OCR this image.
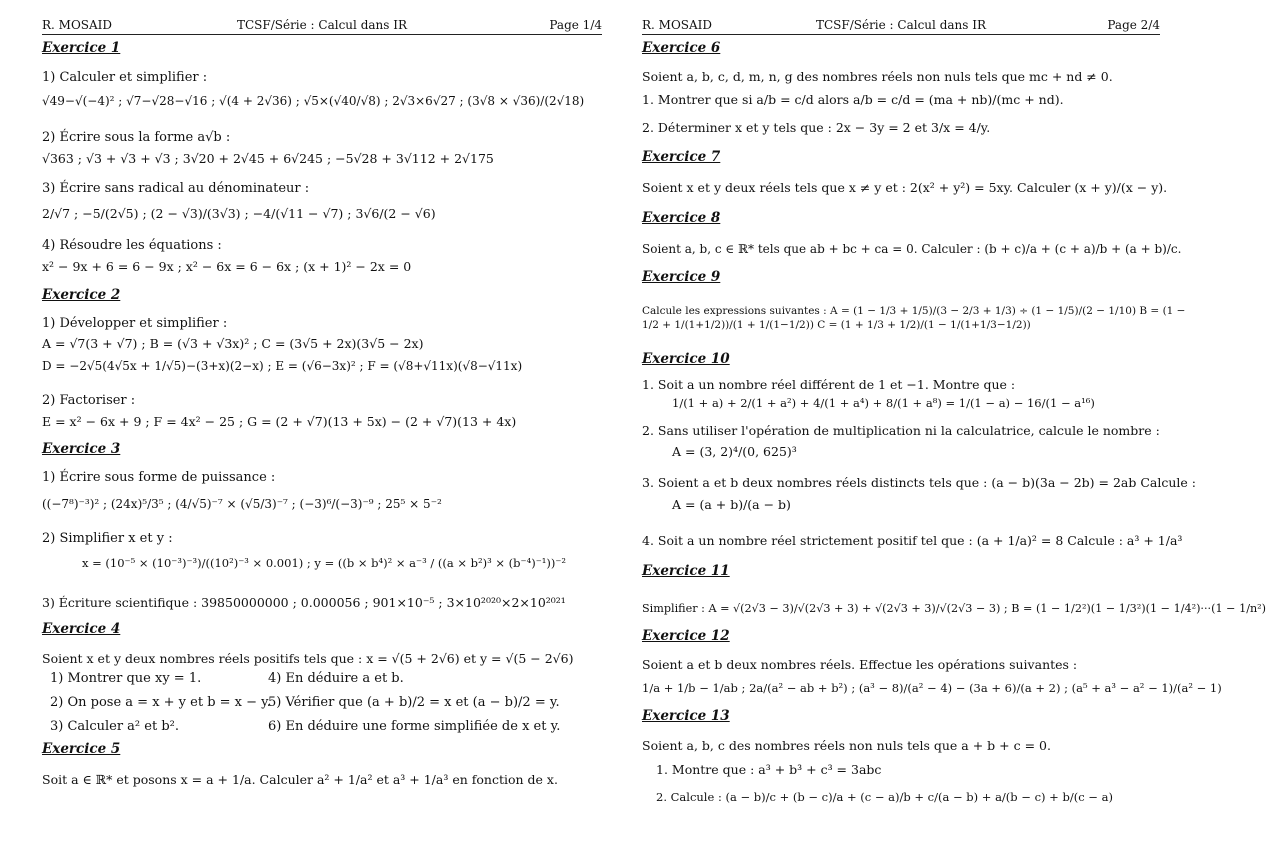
R. MOSAID	TCSF/Série : Calcul dans IR	Page 1/4
Exercice 1
1) Calculer et simplifier :
√49−√(−4)² ; √7−√28−√16 ; √(4 + 2√36) ; √5×(√40/√8) ; 2√3×6√27 ; (3√8 × √36)/(2√18)
2) Écrire sous la forme a√b :
√363 ; √3 + √3 + √3 ; 3√20 + 2√45 + 6√245 ; −5√28 + 3√112 + 2√175
3) Écrire sans radical au dénominateur :
2/√7 ; −5/(2√5) ; (2 − √3)/(3√3) ; −4/(√11 − √7) ; 3√6/(2 − √6)
4) Résoudre les équations :
x² − 9x + 6 = 6 − 9x ; x² − 6x = 6 − 6x ; (x + 1)² − 2x = 0
Exercice 2
1) Développer et simplifier :
A = √7(3 + √7) ; B = (√3 + √3x)² ; C = (3√5 + 2x)(3√5 − 2x)
D = −2√5(4√5x + 1/√5)−(3+x)(2−x) ; E = (√6−3x)² ; F = (√8+√11x)(√8−√11x)
2) Factoriser :
E = x² − 6x + 9 ; F = 4x² − 25 ; G = (2 + √7)(13 + 5x) − (2 + √7)(13 + 4x)
Exercice 3
1) Écrire sous forme de puissance :
((−7⁸)⁻³)² ; (24x)⁵/3⁵ ; (4/√5)⁻⁷ × (√5/3)⁻⁷ ; (−3)⁶/(−3)⁻⁹ ; 25⁵ × 5⁻²
2) Simplifier x et y :
x = (10⁻⁵ × (10⁻³)⁻³)/((10²)⁻³ × 0.001) ; y = ((b × b⁴)² × a⁻³ / ((a × b²)³ × (b⁻⁴)⁻¹))⁻²
3) Écriture scientifique : 39850000000 ; 0.000056 ; 901×10⁻⁵ ; 3×10²⁰²⁰×2×10²⁰²¹
Exercice 4
Soient x et y deux nombres réels positifs tels que : x = √(5 + 2√6) et y = √(5 − 2√6)
1) Montrer que xy = 1.
2) On pose a = x + y et b = x − y.
3) Calculer a² et b².
4) En déduire a et b.
5) Vérifier que (a + b)/2 = x et (a − b)/2 = y.
6) En déduire une forme simplifiée de x et y.
Exercice 5
Soit a ∈ ℝ* et posons x = a + 1/a. Calculer a² + 1/a² et a³ + 1/a³ en fonction de x.
R. MOSAID	TCSF/Série : Calcul dans IR	Page 2/4
Exercice 6
Soient a, b, c, d, m, n, g des nombres réels non nuls tels que mc + nd ≠ 0.
1. Montrer que si a/b = c/d alors a/b = c/d = (ma + nb)/(mc + nd).
2. Déterminer x et y tels que : 2x − 3y = 2 et 3/x = 4/y.
Exercice 7
Soient x et y deux réels tels que x ≠ y et : 2(x² + y²) = 5xy. Calculer (x + y)/(x − y).
Exercice 8
Soient a, b, c ∈ ℝ* tels que ab + bc + ca = 0. Calculer : (b + c)/a + (c + a)/b + (a + b)/c.
Exercice 9
Calcule les expressions suivantes : A = (1 − 1/3 + 1/5)/(3 − 2/3 + 1/3) ÷ (1 − 1/5)/(2 − 1/10) B = (1 − 1/2 + 1/(1+1/2))/(1 + 1/(1−1/2)) C = (1 + 1/3 + 1/2)/(1 − 1/(1+1/3−1/2))
Exercice 10
1. Soit a un nombre réel différent de 1 et −1. Montre que :
1/(1 + a) + 2/(1 + a²) + 4/(1 + a⁴) + 8/(1 + a⁸) = 1/(1 − a) − 16/(1 − a¹⁶)
2. Sans utiliser l'opération de multiplication ni la calculatrice, calcule le nombre :
A = (3, 2)⁴/(0, 625)³
3. Soient a et b deux nombres réels distincts tels que : (a − b)(3a − 2b) = 2ab Calcule :
A = (a + b)/(a − b)
4. Soit a un nombre réel strictement positif tel que : (a + 1/a)² = 8 Calcule : a³ + 1/a³
Exercice 11
Simplifier : A = √(2√3 − 3)/√(2√3 + 3) + √(2√3 + 3)/√(2√3 − 3) ; B = (1 − 1/2²)(1 − 1/3²)(1 − 1/4²)···(1 − 1/n²)
Exercice 12
Soient a et b deux nombres réels. Effectue les opérations suivantes :
1/a + 1/b − 1/ab ; 2a/(a² − ab + b²) ; (a³ − 8)/(a² − 4) − (3a + 6)/(a + 2) ; (a⁵ + a³ − a² − 1)/(a² − 1)
Exercice 13
Soient a, b, c des nombres réels non nuls tels que a + b + c = 0.
1. Montre que : a³ + b³ + c³ = 3abc
2. Calcule : (a − b)/c + (b − c)/a + (c − a)/b + c/(a − b) + a/(b − c) + b/(c − a)
